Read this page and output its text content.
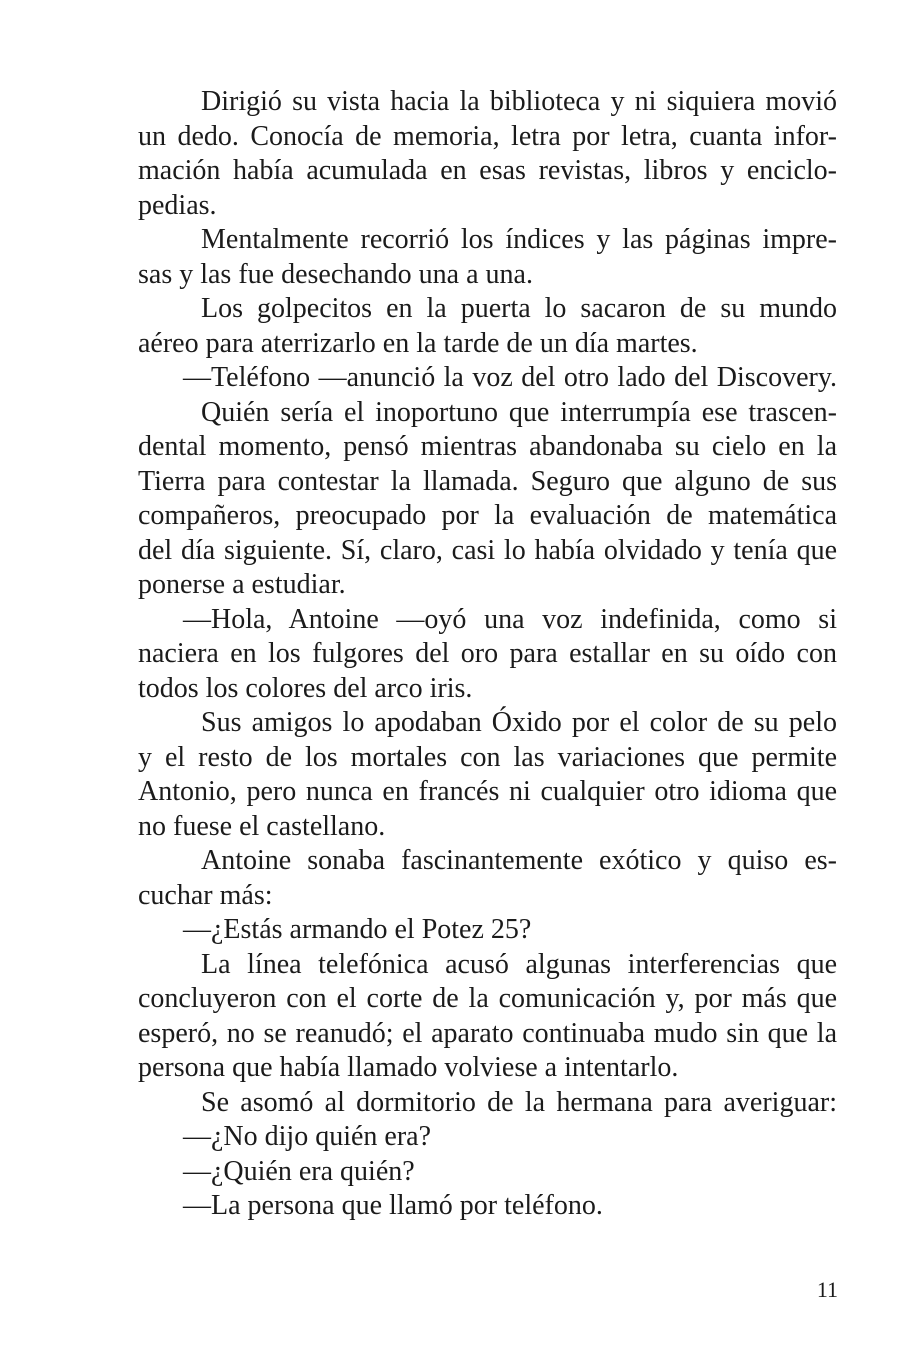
Dirigió su vista hacia la biblioteca y ni siquiera movió
un dedo. Conocía de memoria, letra por letra, cuanta infor-
mación había acumulada en esas revistas, libros y enciclo-
pedias.

Mentalmente recorrió los índices y las páginas impre-
sas y las fue desechando una a una.

Los golpecitos en la puerta lo sacaron de su mundo
aéreo para aterrizarlo en la tarde de un día martes.

—Teléfono —anunció la voz del otro lado del Discovery.

Quién sería el inoportuno que interrumpía ese trascen-
dental momento, pensó mientras abandonaba su cielo en la
Tierra para contestar la llamada. Seguro que alguno de sus
compañeros, preocupado por la evaluación de matemática
del día siguiente. Sí, claro, casi lo había olvidado y tenía que
ponerse a estudiar.

—Hola, Antoine —oyó una voz indefinida, como si
naciera en los fulgores del oro para estallar en su oído con
todos los colores del arco iris.

Sus amigos lo apodaban Óxido por el color de su pelo
y el resto de los mortales con las variaciones que permite
Antonio, pero nunca en francés ni cualquier otro idioma que
no fuese el castellano.

Antoine sonaba fascinantemente exótico y quiso es-
cuchar más:

—¿Estás armando el Potez 25?

La línea telefónica acusó algunas interferencias que
concluyeron con el corte de la comunicación y, por más que
esperó, no se reanudó; el aparato continuaba mudo sin que la
persona que había llamado volviese a intentarlo.

Se asomó al dormitorio de la hermana para averiguar:

—¿No dijo quién era?

—¿Quién era quién?

—La persona que llamó por teléfono.

11
